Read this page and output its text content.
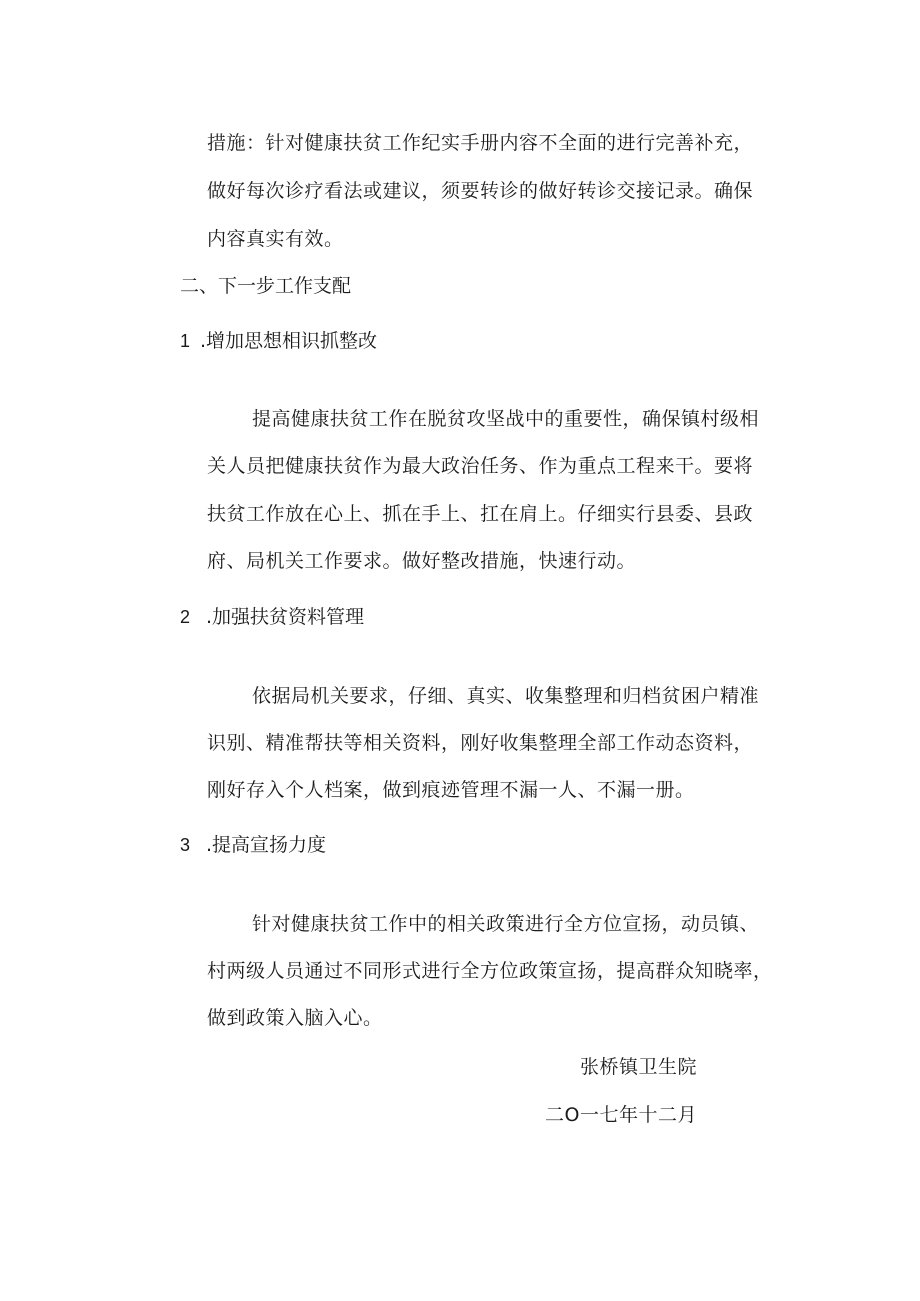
措施：针对健康扶贫工作纪实手册内容不全面的进行完善补充，
做好每次诊疗看法或建议，须要转诊的做好转诊交接记录。确保
内容真实有效。
二、下一步工作支配
1 .增加思想相识抓整改
提高健康扶贫工作在脱贫攻坚战中的重要性，确保镇村级相
关人员把健康扶贫作为最大政治任务、作为重点工程来干。要将
扶贫工作放在心上、抓在手上、扛在肩上。仔细实行县委、县政
府、局机关工作要求。做好整改措施，快速行动。
2 .加强扶贫资料管理
依据局机关要求，仔细、真实、收集整理和归档贫困户精准
识别、精准帮扶等相关资料，刚好收集整理全部工作动态资料，
刚好存入个人档案，做到痕迹管理不漏一人、不漏一册。
3 .提高宣扬力度
针对健康扶贫工作中的相关政策进行全方位宣扬，动员镇、
村两级人员通过不同形式进行全方位政策宣扬，提高群众知晓率，
做到政策入脑入心。
张桥镇卫生院
二O一七年十二月
